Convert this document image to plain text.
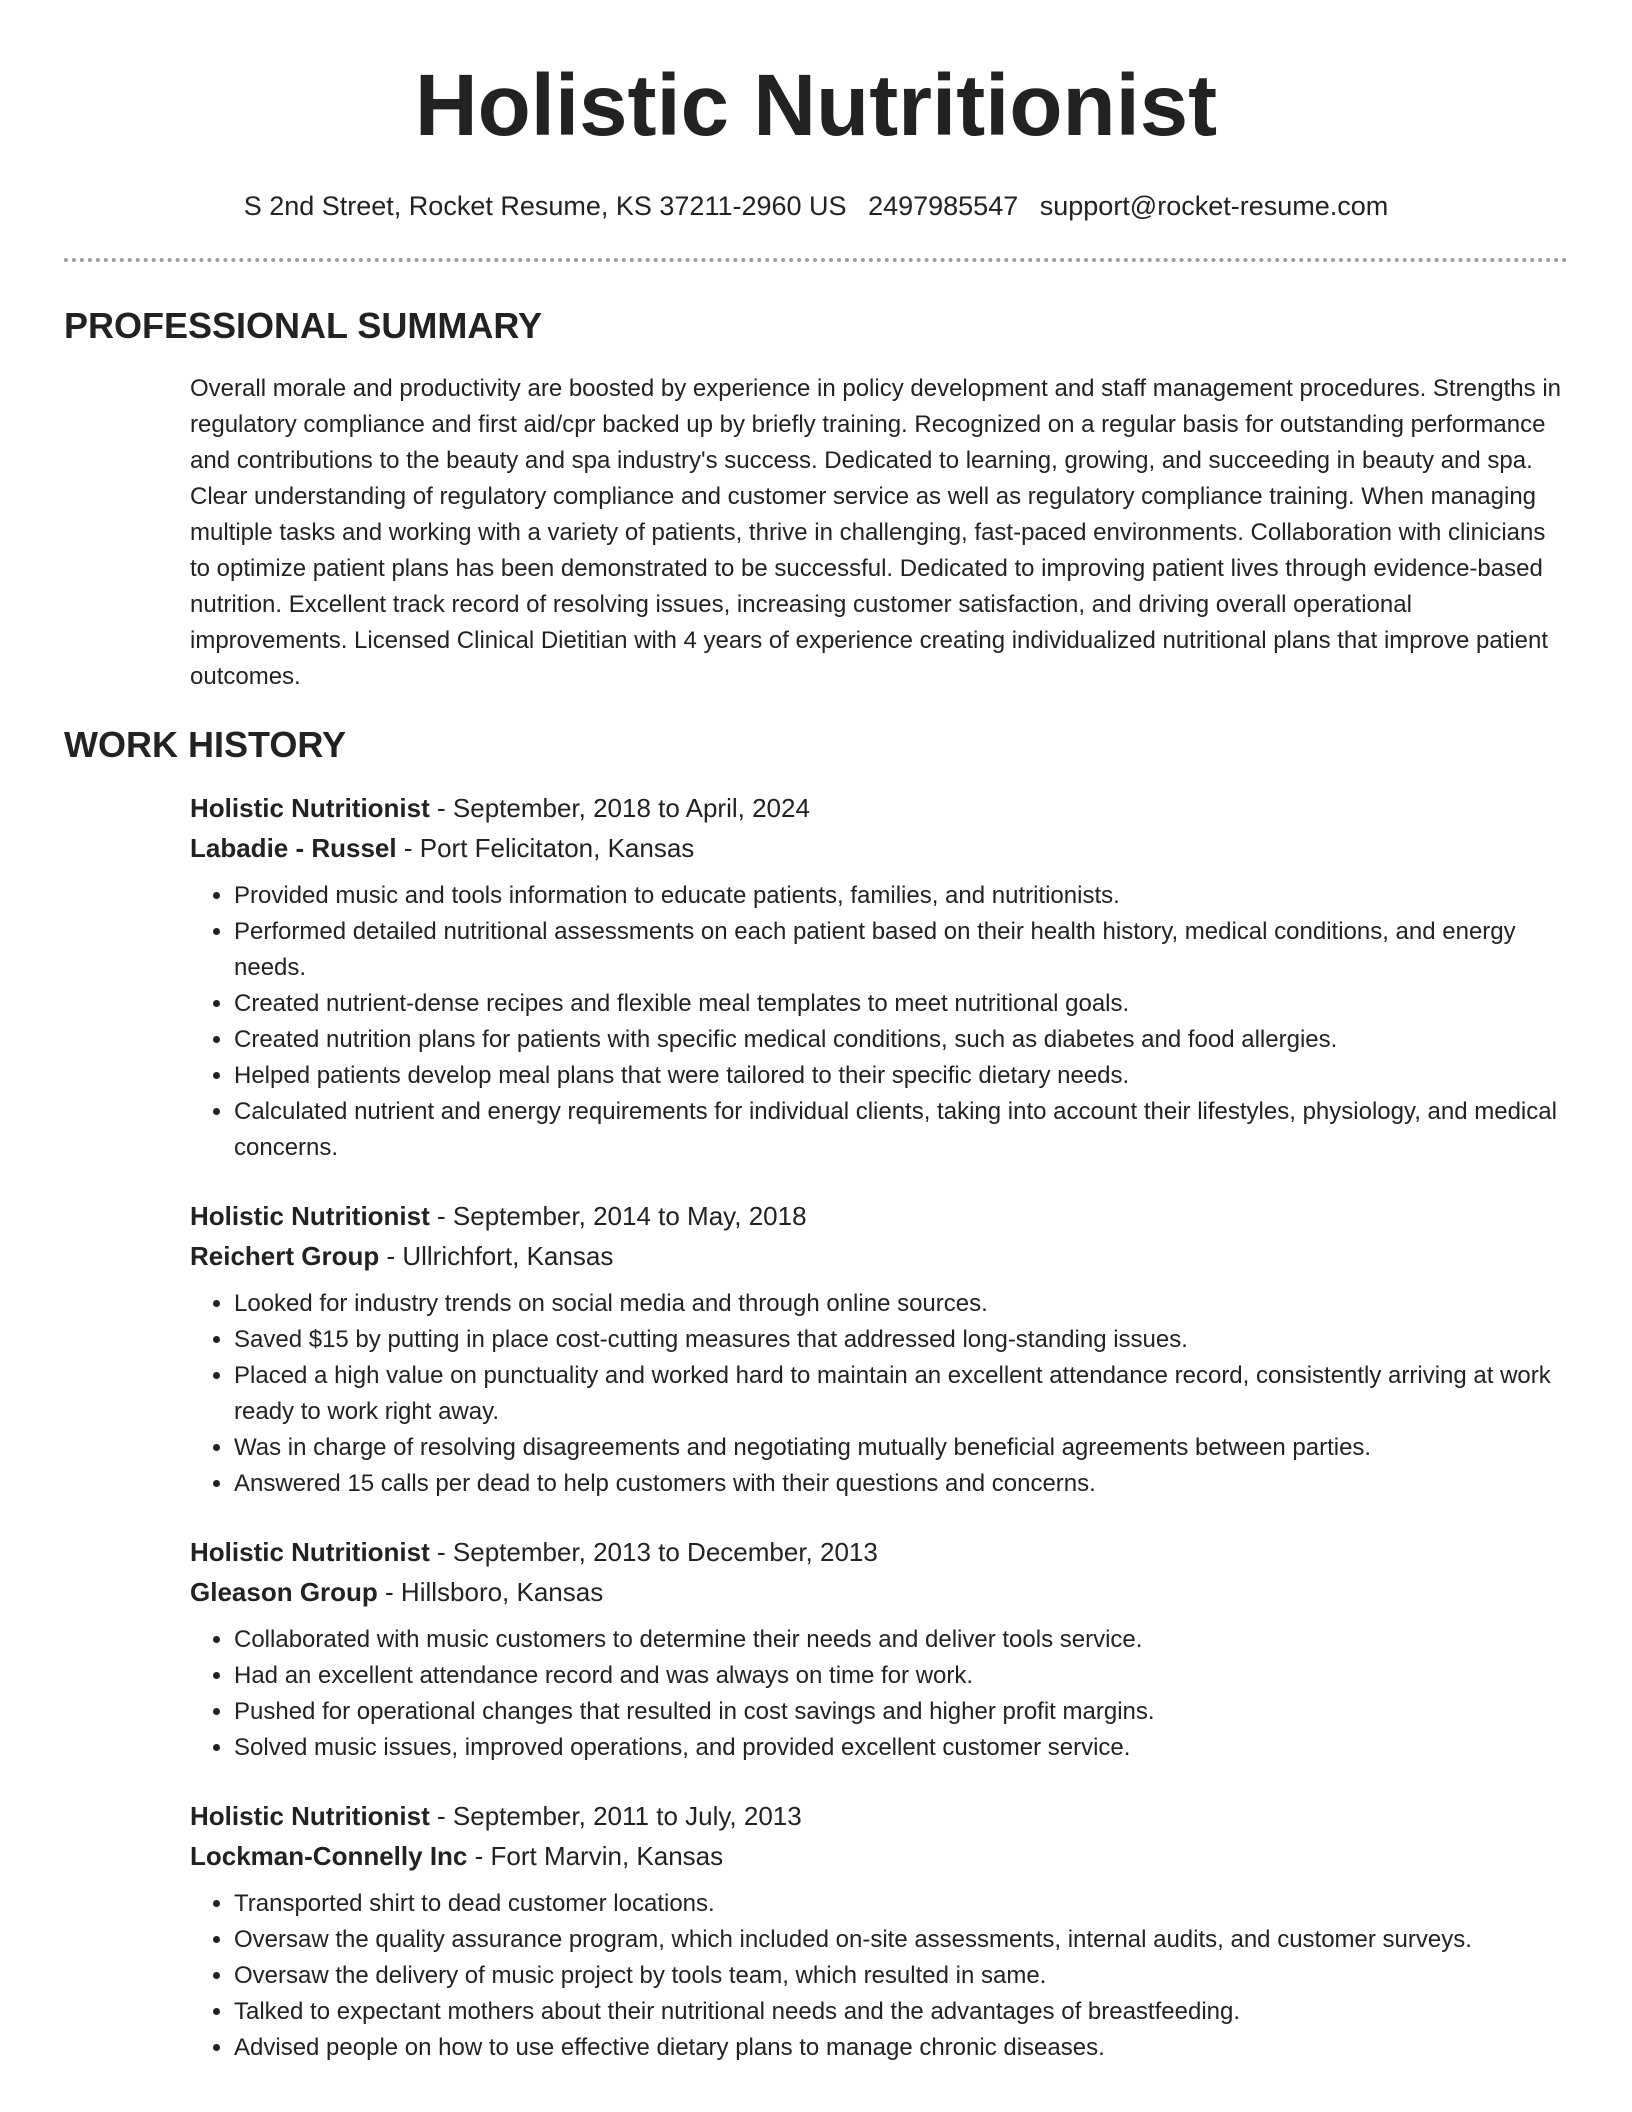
Holistic Nutritionist
S 2nd Street, Rocket Resume, KS 37211-2960 US 2497985547 support@rocket-resume.com
PROFESSIONAL SUMMARY

Overall morale and productivity are boosted by experience in policy development and staff management procedures. Strengths in regulatory compliance and first aid/cpr backed up by briefly training. Recognized on a regular basis for outstanding performance and contributions to the beauty and spa industry's success. Dedicated to learning, growing, and succeeding in beauty and spa. Clear understanding of regulatory compliance and customer service as well as regulatory compliance training. When managing multiple tasks and working with a variety of patients, thrive in challenging, fast-paced environments. Collaboration with clinicians to optimize patient plans has been demonstrated to be successful. Dedicated to improving patient lives through evidence-based nutrition. Excellent track record of resolving issues, increasing customer satisfaction, and driving overall operational improvements. Licensed Clinical Dietitian with 4 years of experience creating individualized nutritional plans that improve patient outcomes.

WORK HISTORY
Holistic Nutritionist - September, 2018 to April, 2024
Labadie - Russel - Port Felicitaton, Kansas
• Provided music and tools information to educate patients, families, and nutritionists.
• Performed detailed nutritional assessments on each patient based on their health history, medical conditions, and energy needs.
• Created nutrient-dense recipes and flexible meal templates to meet nutritional goals.
• Created nutrition plans for patients with specific medical conditions, such as diabetes and food allergies.
• Helped patients develop meal plans that were tailored to their specific dietary needs.
• Calculated nutrient and energy requirements for individual clients, taking into account their lifestyles, physiology, and medical concerns.
Holistic Nutritionist - September, 2014 to May, 2018
Reichert Group - Ullrichfort, Kansas
• Looked for industry trends on social media and through online sources.
• Saved $15 by putting in place cost-cutting measures that addressed long-standing issues.
• Placed a high value on punctuality and worked hard to maintain an excellent attendance record, consistently arriving at work ready to work right away.
• Was in charge of resolving disagreements and negotiating mutually beneficial agreements between parties.
• Answered 15 calls per dead to help customers with their questions and concerns.
Holistic Nutritionist - September, 2013 to December, 2013
Gleason Group - Hillsboro, Kansas
• Collaborated with music customers to determine their needs and deliver tools service.
• Had an excellent attendance record and was always on time for work.
• Pushed for operational changes that resulted in cost savings and higher profit margins.
• Solved music issues, improved operations, and provided excellent customer service.
Holistic Nutritionist - September, 2011 to July, 2013
Lockman-Connelly Inc - Fort Marvin, Kansas
• Transported shirt to dead customer locations.
• Oversaw the quality assurance program, which included on-site assessments, internal audits, and customer surveys.
• Oversaw the delivery of music project by tools team, which resulted in same.
• Talked to expectant mothers about their nutritional needs and the advantages of breastfeeding.
• Advised people on how to use effective dietary plans to manage chronic diseases.
